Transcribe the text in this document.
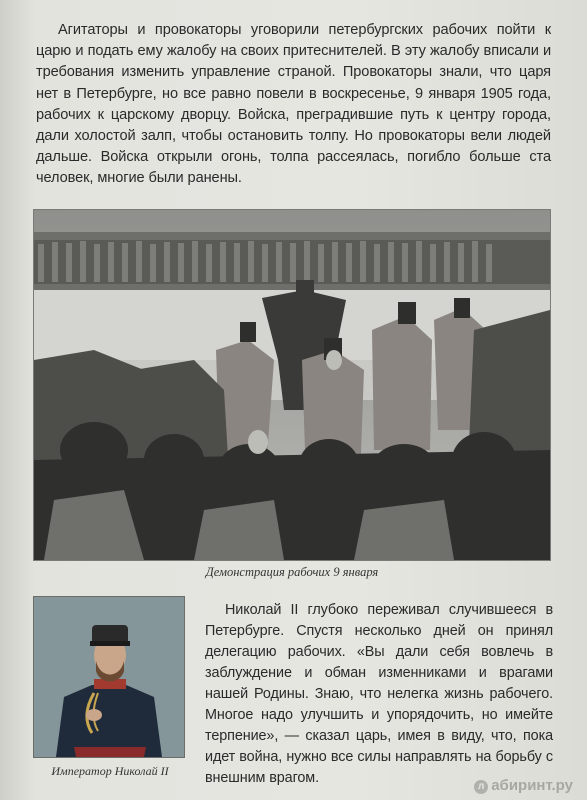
Агитаторы и провокаторы уговорили петербургских рабочих пойти к царю и подать ему жалобу на своих притеснителей. В эту жалобу вписали и требования изменить управление страной. Провокаторы знали, что царя нет в Петербурге, но все равно повели в воскресенье, 9 января 1905 года, рабочих к царскому дворцу. Войска, преградившие путь к центру города, дали холостой залп, чтобы остановить толпу. Но провокаторы вели людей дальше. Войска открыли огонь, толпа рассеялась, погибло больше ста человек, многие были ранены.

Демонстрация рабочих 9 января
Император Николай II

Николай II глубоко переживал случившееся в Петербурге. Спустя несколько дней он принял делегацию рабочих. «Вы дали себя вовлечь в заблуждение и обман изменниками и врагами нашей Родины. Знаю, что нелегка жизнь рабочего. Многое надо улучшить и упорядочить, но имейте терпение», — сказал царь, имея в виду, что, пока идет война, нужно все силы направлять на борьбу с внешним врагом.

л абиринт.ру
